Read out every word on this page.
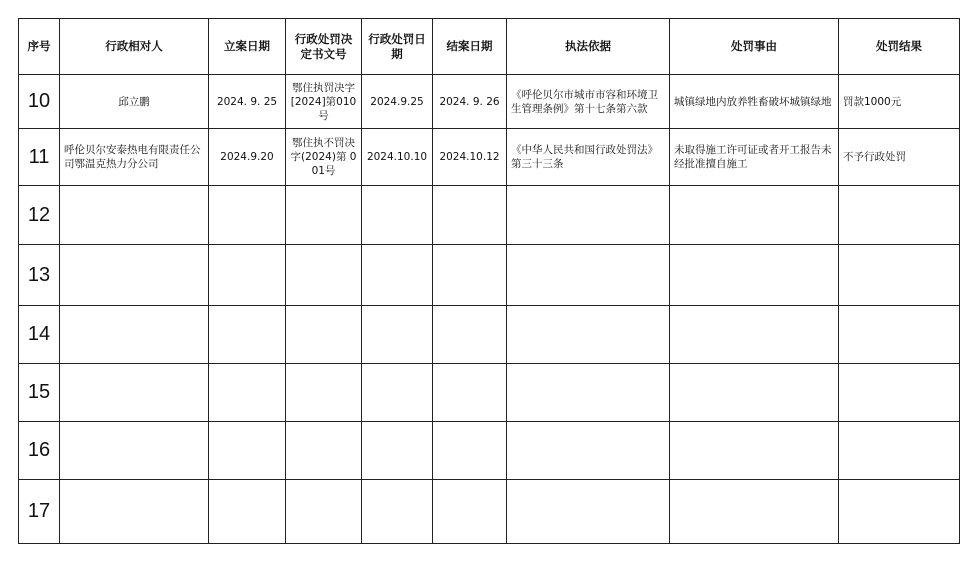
序号	行政相对人	立案日期	行政处罚决定书文号	行政处罚日期	结案日期	执法依据	处罚事由	处罚结果
10	邱立鹏	2024. 9. 25	鄂住执罚决字[2024]第010号	2024.9.25	2024. 9. 26	《呼伦贝尔市城市市容和环境卫生管理条例》第十七条第六款	城镇绿地内放养牲畜破坏城镇绿地	罚款1000元
11	呼伦贝尔安泰热电有限责任公司鄂温克热力分公司	2024.9.20	鄂住执不罚决字(2024)第 001号	2024.10.10	2024.10.12	《中华人民共和国行政处罚法》第三十三条	未取得施工许可证或者开工报告未经批准擅自施工	不予行政处罚
12								
13								
14								
15								
16								
17								
